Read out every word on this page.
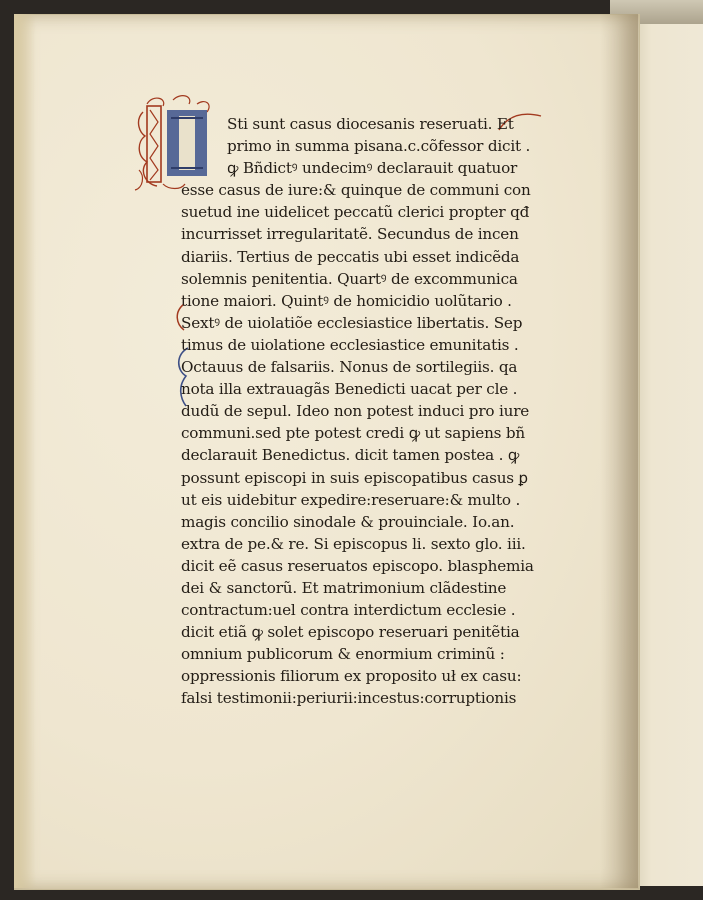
Sti sunt casus diocesanis reseruati. Et
primo in summa pisana.c.cõfessor dicit .
ꝙ Bñdictꝰ undecimꝰ declarauit quatuor
esse casus de iure:& quinque de communi con
suetud ine uidelicet peccatũ clerici propter qđ
incurrisset irregularitatẽ. Secundus de incen
diariis. Tertius de peccatis ubi esset indicẽda
solemnis penitentia. Quartꝰ de excommunica
tione maiori. Quintꝰ de homicidio uolũtario .
Sextꝰ de uiolatiõe ecclesiastice libertatis. Sep
timus de uiolatione ecclesiastice emunitatis .
Octauus de falsariis. Nonus de sortilegiis. qa
nota illa extrauagãs Benedicti uacat per cle .
dudũ de sepul. Ideo non potest induci pro iure
communi.sed pte potest credi ꝙ ut sapiens bñ
declarauit Benedictus. dicit tamen postea . ꝙ
possunt episcopi in suis episcopatibus casus ꝑ
ut eis uidebitur expedire:reseruare:& multo .
magis concilio sinodale & prouinciale. Io.an.
extra de pe.& re. Si episcopus li. sexto glo. iii.
dicit eẽ casus reseruatos episcopo. blasphemia
dei & sanctorũ. Et matrimonium clãdestine
contractum:uel contra interdictum ecclesie .
dicit etiã ꝙ solet episcopo reseruari penitẽtia
omnium publicorum & enormium criminũ :
oppressionis filiorum ex proposito uł ex casu:
falsi testimonii:periurii:incestus:corruptionis
